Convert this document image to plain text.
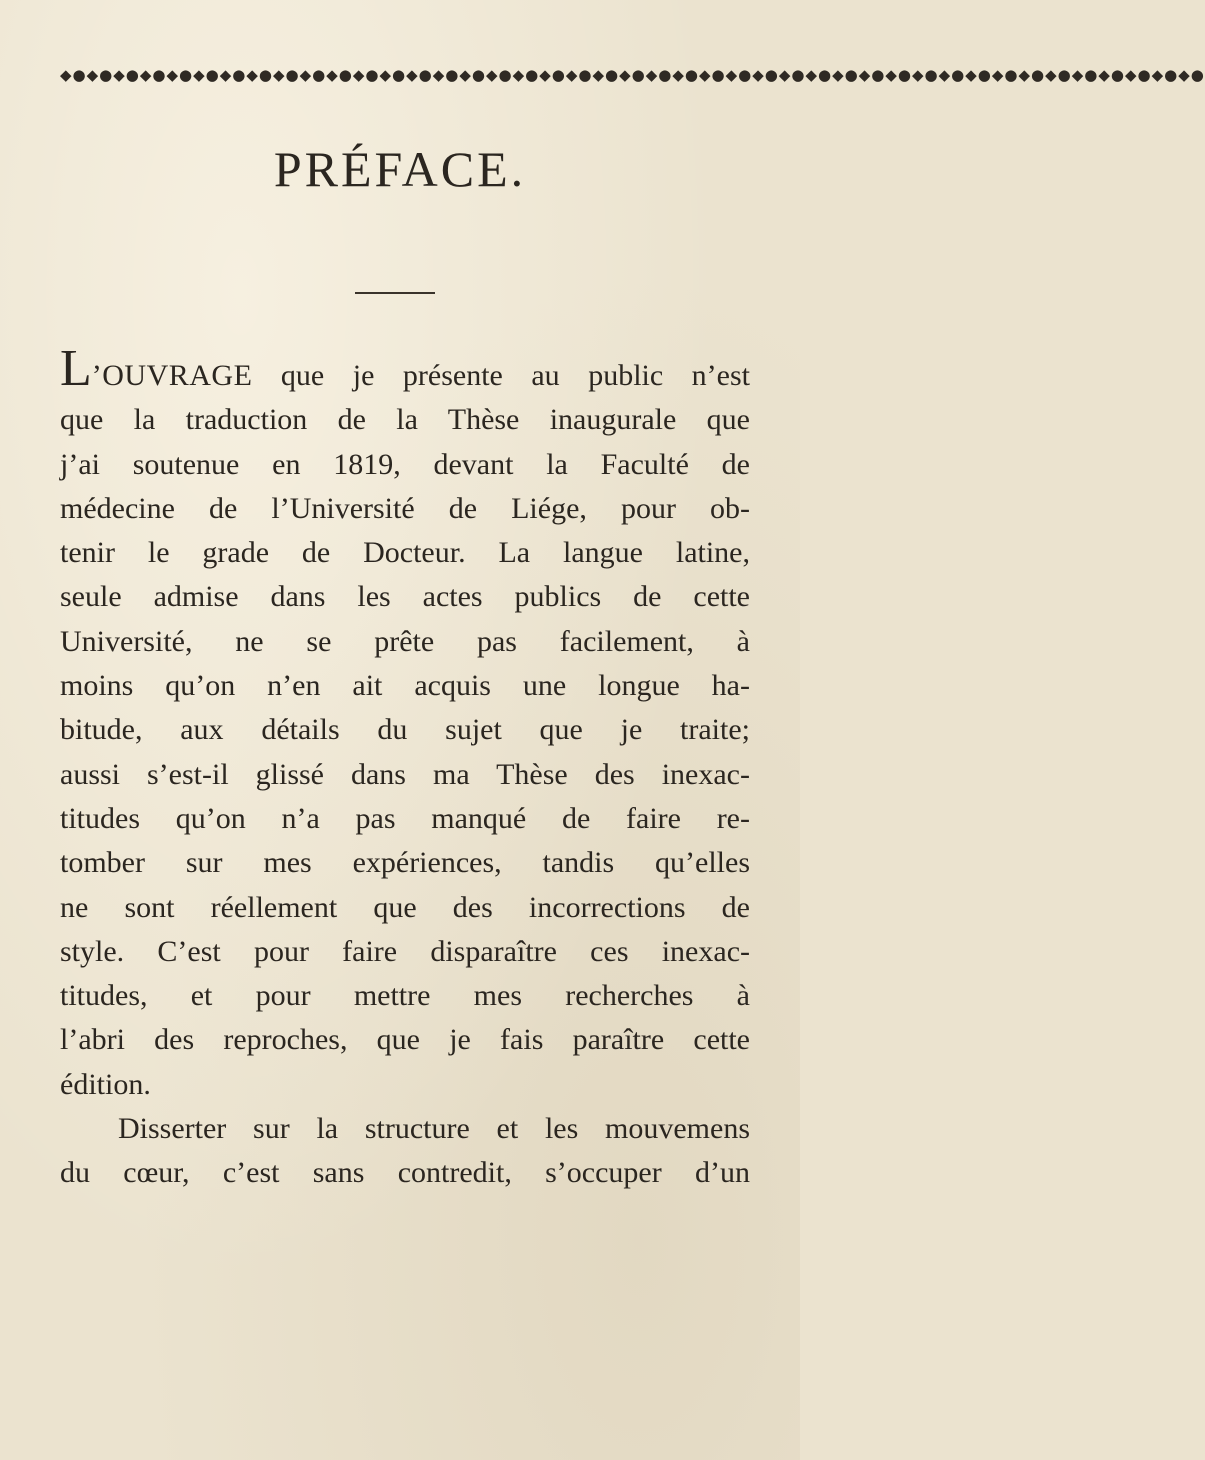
◆●◆●◆●◆●◆●◆●◆●◆●◆●◆●◆●◆●◆●◆●◆●◆●◆●◆●◆●◆●◆●◆●◆●◆●◆●◆●◆●◆●◆●◆●◆●◆●◆●◆●◆●◆●◆●◆●◆●◆●◆●◆●◆●
PRÉFACE.
L’OUVRAGE que je présente au public n’est
que la traduction de la Thèse inaugurale que
j’ai soutenue en 1819, devant la Faculté de
médecine de l’Université de Liége, pour ob-
tenir le grade de Docteur. La langue latine,
seule admise dans les actes publics de cette
Université, ne se prête pas facilement, à
moins qu’on n’en ait acquis une longue ha-
bitude, aux détails du sujet que je traite;
aussi s’est-il glissé dans ma Thèse des inexac-
titudes qu’on n’a pas manqué de faire re-
tomber sur mes expériences, tandis qu’elles
ne sont réellement que des incorrections de
style. C’est pour faire disparaître ces inexac-
titudes, et pour mettre mes recherches à
l’abri des reproches, que je fais paraître cette
édition.
Disserter sur la structure et les mouvemens
du cœur, c’est sans contredit, s’occuper d’un
